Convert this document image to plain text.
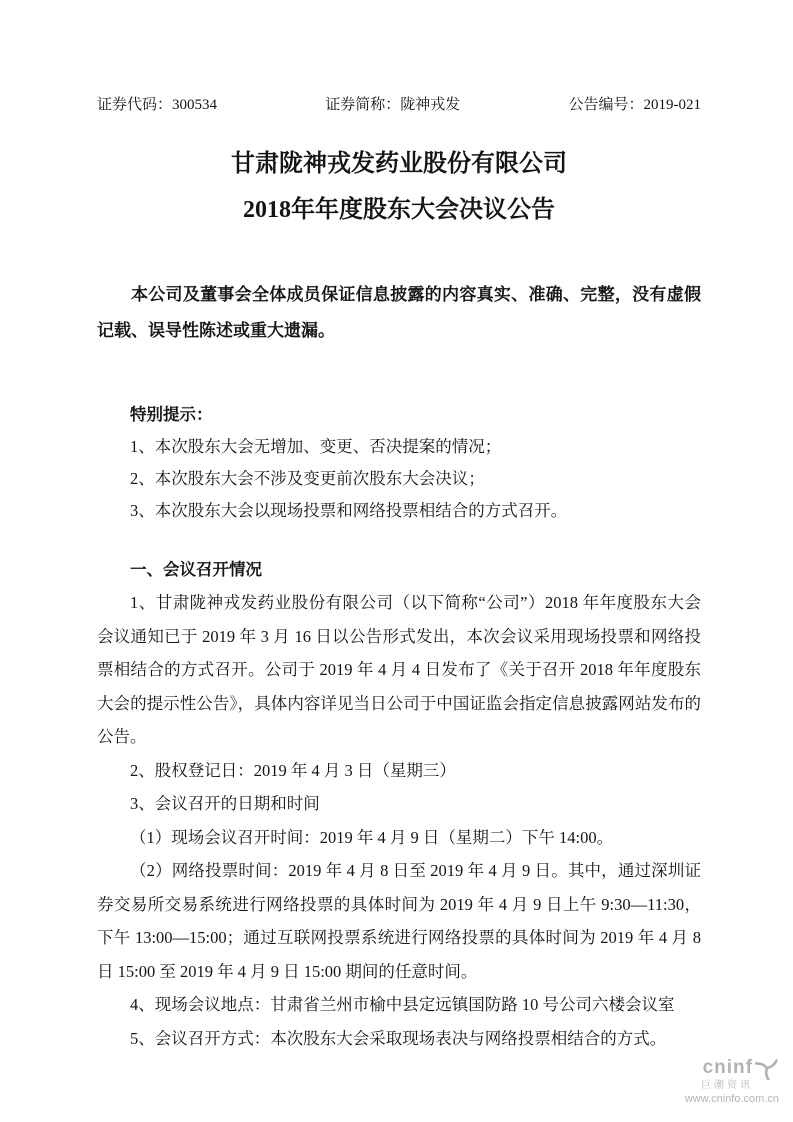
证券代码：300534	证券简称：陇神戎发	公告编号：2019-021
甘肃陇神戎发药业股份有限公司
2018年年度股东大会决议公告

本公司及董事会全体成员保证信息披露的内容真实、准确、完整，没有虚假记载、误导性陈述或重大遗漏。

特别提示：

1、本次股东大会无增加、变更、否决提案的情况；

2、本次股东大会不涉及变更前次股东大会决议；

3、本次股东大会以现场投票和网络投票相结合的方式召开。

一、会议召开情况

1、甘肃陇神戎发药业股份有限公司（以下简称“公司”）2018 年年度股东大会会议通知已于 2019 年 3 月 16 日以公告形式发出，本次会议采用现场投票和网络投票相结合的方式召开。公司于 2019 年 4 月 4 日发布了《关于召开 2018 年年度股东大会的提示性公告》，具体内容详见当日公司于中国证监会指定信息披露网站发布的公告。

2、股权登记日：2019 年 4 月 3 日（星期三）

3、会议召开的日期和时间

（1）现场会议召开时间：2019 年 4 月 9 日（星期二）下午 14:00。

（2）网络投票时间：2019 年 4 月 8 日至 2019 年 4 月 9 日。其中，通过深圳证券交易所交易系统进行网络投票的具体时间为 2019 年 4 月 9 日上午 9:30—11:30，下午 13:00—15:00；通过互联网投票系统进行网络投票的具体时间为 2019 年 4 月 8 日 15:00 至 2019 年 4 月 9 日 15:00 期间的任意时间。

4、现场会议地点：甘肃省兰州市榆中县定远镇国防路 10 号公司六楼会议室

5、会议召开方式：本次股东大会采取现场表决与网络投票相结合的方式。

cninf
巨潮资讯
www.cninfo.com.cn
